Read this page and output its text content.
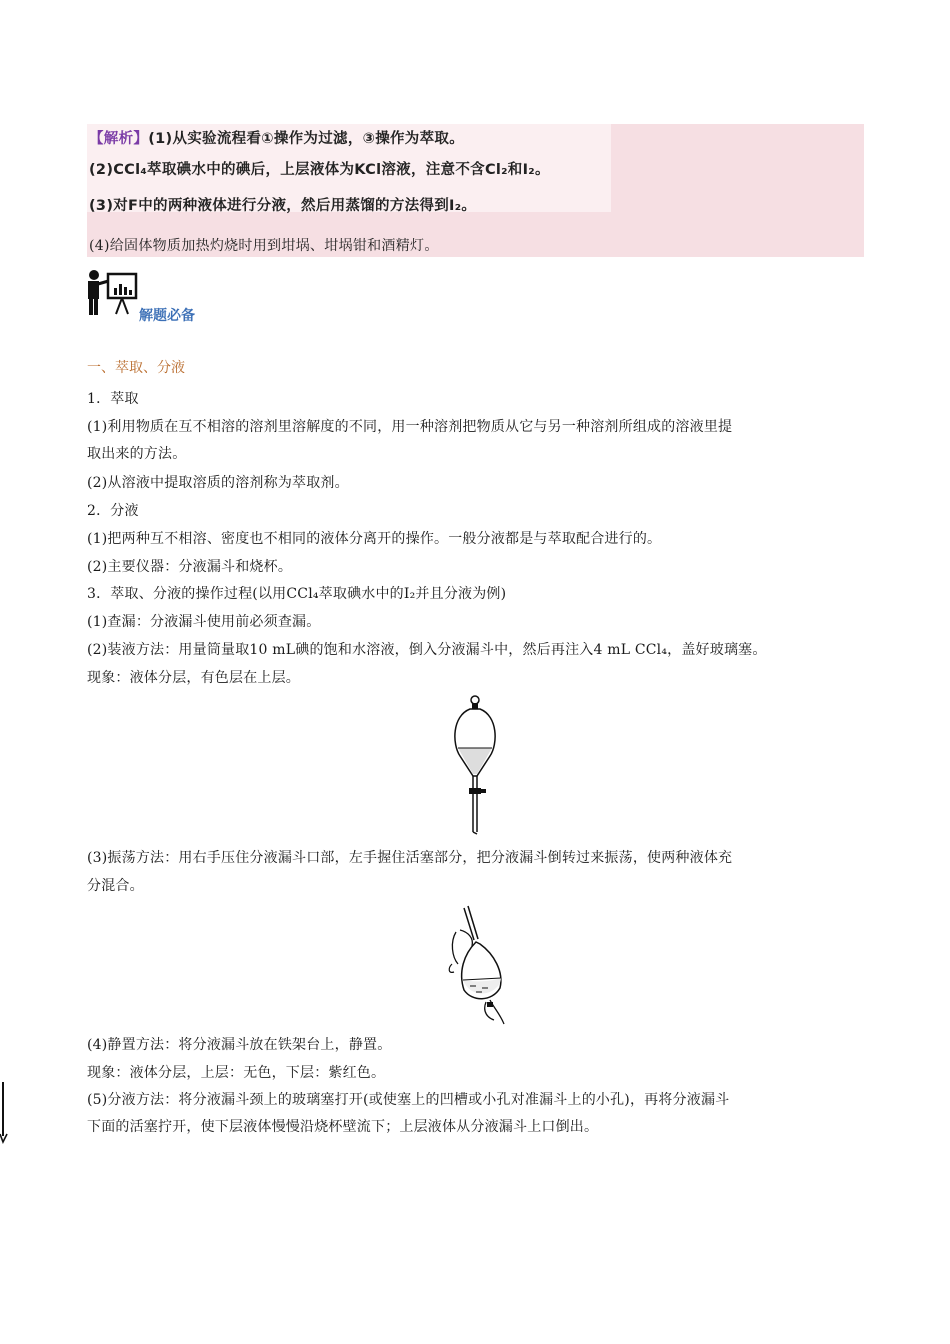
【解析】(1)从实验流程看①操作为过滤，③操作为萃取。
(2)CCl₄萃取碘水中的碘后，上层液体为KCl溶液，注意不含Cl₂和I₂。
(3)对F中的两种液体进行分液，然后用蒸馏的方法得到I₂。
(4)给固体物质加热灼烧时用到坩埚、坩埚钳和酒精灯。
解题必备
一、萃取、分液
1．萃取
(1)利用物质在互不相溶的溶剂里溶解度的不同，用一种溶剂把物质从它与另一种溶剂所组成的溶液里提
取出来的方法。
(2)从溶液中提取溶质的溶剂称为萃取剂。
2．分液
(1)把两种互不相溶、密度也不相同的液体分离开的操作。一般分液都是与萃取配合进行的。
(2)主要仪器：分液漏斗和烧杯。
3．萃取、分液的操作过程(以用CCl₄萃取碘水中的I₂并且分液为例)
(1)查漏：分液漏斗使用前必须查漏。
(2)装液方法：用量筒量取10 mL碘的饱和水溶液，倒入分液漏斗中，然后再注入4 mL CCl₄，盖好玻璃塞。
现象：液体分层，有色层在上层。
(3)振荡方法：用右手压住分液漏斗口部，左手握住活塞部分，把分液漏斗倒转过来振荡，使两种液体充
分混合。
(4)静置方法：将分液漏斗放在铁架台上，静置。
现象：液体分层，上层：无色，下层：紫红色。
(5)分液方法：将分液漏斗颈上的玻璃塞打开(或使塞上的凹槽或小孔对准漏斗上的小孔)，再将分液漏斗
下面的活塞拧开，使下层液体慢慢沿烧杯壁流下；上层液体从分液漏斗上口倒出。
